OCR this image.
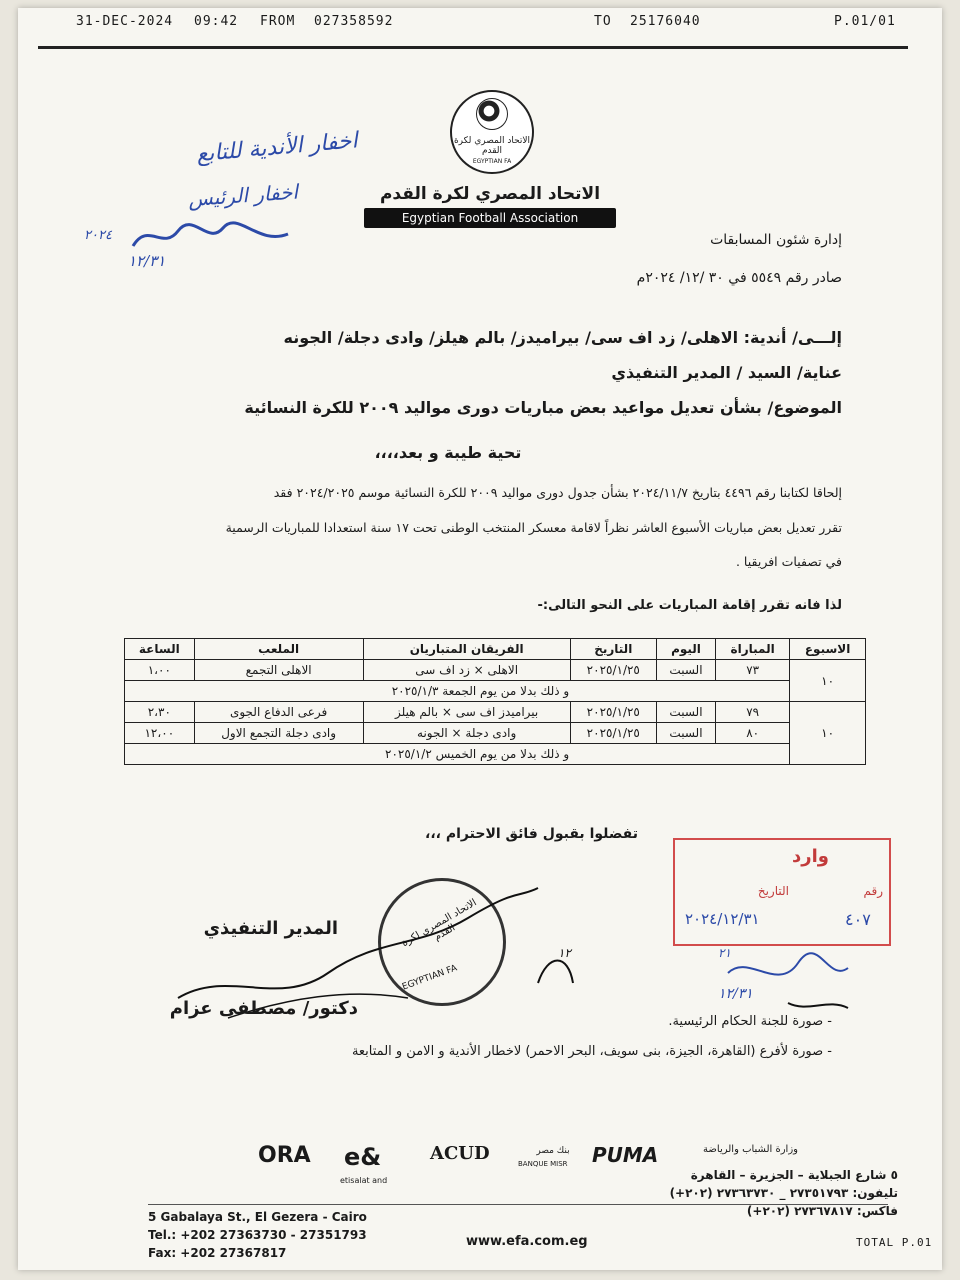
31-DEC-2024 09:42 FROM 027358592	TO 25176040	P.01/01
الاتحاد المصري لكرة القدم
EGYPTIAN FA
الاتحاد المصري لكرة القدم
Egyptian Football Association
اخفار الأندية للتابع
اخفار الرئيس
٢٠٢٤
١٢/٣١
إدارة شئون المسابقات
صادر رقم ٥٥٤٩ في ٣٠ /١٢/ ٢٠٢٤م
إلـــى/ أندية: الاهلى/ زد اف سى/ بيراميدز/ بالم هيلز/ وادى دجلة/ الجونه
عناية/ السيد / المدير التنفيذي
الموضوع/ بشأن تعديل مواعيد بعض مباريات دورى مواليد ٢٠٠٩ للكرة النسائية
تحية طيبة و بعد،،،،
إلحاقا لكتابنا رقم ٤٤٩٦ بتاريخ ٢٠٢٤/١١/٧ بشأن جدول دورى مواليد ٢٠٠٩ للكرة النسائية موسم ٢٠٢٤/٢٠٢٥ فقد
تقرر تعديل بعض مباريات الأسبوع العاشر نظراً لاقامة معسكر المنتخب الوطنى تحت ١٧ سنة استعدادا للمباريات الرسمية
في تصفيات افريقيا .
لذا فانه تقرر إقامة المباريات على النحو التالى:-
الاسبوع	المباراة	اليوم	التاريخ	الفريقان المتباريان	الملعب	الساعة
١٠	٧٣	السبت	٢٠٢٥/١/٢٥	الاهلى × زد اف سى	الاهلى التجمع	١،٠٠
	و ذلك بدلا من يوم الجمعة ٢٠٢٥/١/٣					
١٠	٧٩	السبت	٢٠٢٥/١/٢٥	بيراميدز اف سى × بالم هيلز	فرعى الدفاع الجوى	٢،٣٠
	٨٠	السبت	٢٠٢٥/١/٢٥	وادى دجلة × الجونه	وادى دجلة التجمع الاول	١٢،٠٠
	و ذلك بدلا من يوم الخميس ٢٠٢٥/١/٢					
تفضلوا بقبول فائق الاحترام ،،،
وارد
رقم
التاريخ
٤٠٧
٢٠٢٤/١٢/٣١
الاتحاد المصري لكرة القدم
EGYPTIAN FA
المدير التنفيذي
دكتور/ مصطفى عزام
١٢	٢١
١٢/٣١
- صورة للجنة الحكام الرئيسية.
- صورة لأفرع (القاهرة، الجيزة، بنى سويف، البحر الاحمر) لاخطار الأندية و الامن و المتابعة
ORA e&
etisalat and
ACUD	بنك مصر
BANQUE MISR PUMA	وزارة الشباب والرياضة
5 Gabalaya St., El Gezera - Cairo
Tel.: +202 27363730 - 27351793
Fax: +202 27367817
www.efa.com.eg
٥ شارع الجبلاية – الجزيرة – القاهرة
تليفون: ٢٧٣٥١٧٩٣ _ ٢٧٣٦٣٧٣٠ (٢٠٢+)
فاكس: ٢٧٣٦٧٨١٧ (٢٠٢+)
TOTAL P.01
